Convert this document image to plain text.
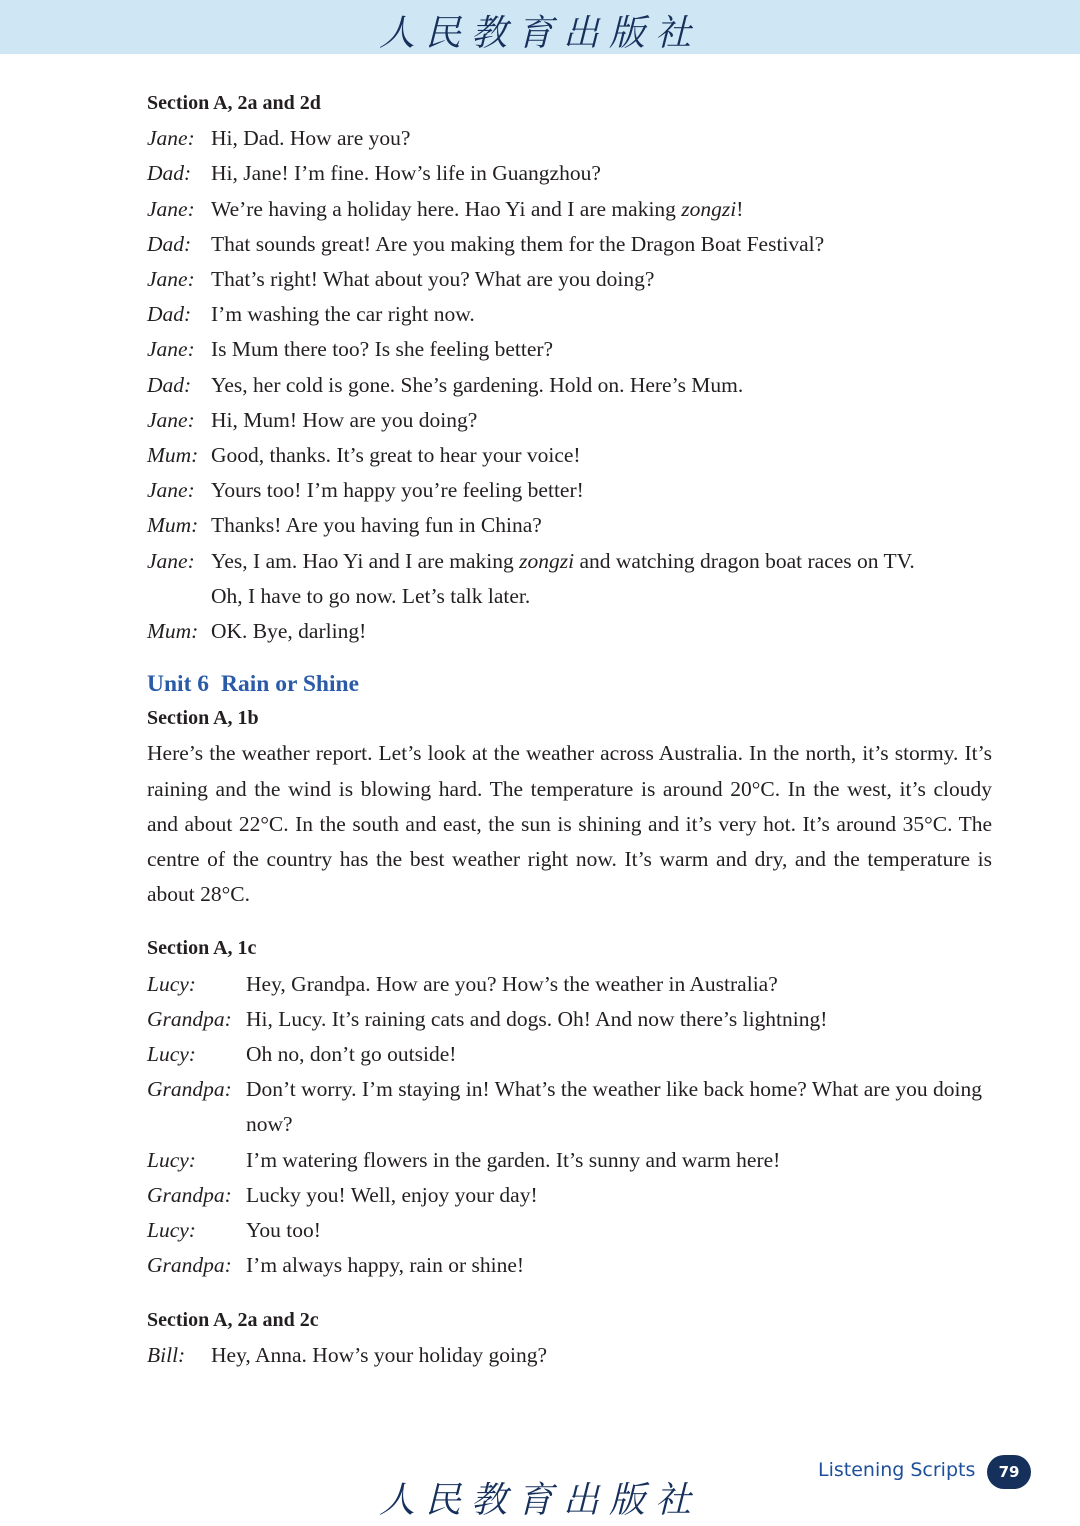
人民教育出版社

Section A, 2a and 2d

Jane: Hi, Dad. How are you?

Dad: Hi, Jane! I’m fine. How’s life in Guangzhou?

Jane: We’re having a holiday here. Hao Yi and I are making zongzi!

Dad: That sounds great! Are you making them for the Dragon Boat Festival?

Jane: That’s right! What about you? What are you doing?

Dad: I’m washing the car right now.

Jane: Is Mum there too? Is she feeling better?

Dad: Yes, her cold is gone. She’s gardening. Hold on. Here’s Mum.

Jane: Hi, Mum! How are you doing?

Mum: Good, thanks. It’s great to hear your voice!

Jane: Yours too! I’m happy you’re feeling better!

Mum: Thanks! Are you having fun in China?

Jane: Yes, I am. Hao Yi and I are making zongzi and watching dragon boat races on TV.

Oh, I have to go now. Let’s talk later.

Mum: OK. Bye, darling!

Unit 6 Rain or Shine

Section A, 1b

Here’s the weather report. Let’s look at the weather across Australia. In the north, it’s stormy. It’s raining and the wind is blowing hard. The temperature is around 20°C. In the west, it’s cloudy and about 22°C. In the south and east, the sun is shining and it’s very hot. It’s around 35°C. The centre of the country has the best weather right now. It’s warm and dry, and the temperature is about 28°C.

Section A, 1c

Lucy:	Hey, Grandpa. How are you? How’s the weather in Australia?

Grandpa: Hi, Lucy. It’s raining cats and dogs. Oh! And now there’s lightning!

Lucy:	Oh no, don’t go outside!

Grandpa: Don’t worry. I’m staying in! What’s the weather like back home? What are you doing now?

Lucy:	I’m watering flowers in the garden. It’s sunny and warm here!

Grandpa: Lucky you! Well, enjoy your day!

Lucy:	You too!

Grandpa: I’m always happy, rain or shine!

Section A, 2a and 2c

Bill:	Hey, Anna. How’s your holiday going?

Listening Scripts	79
人民教育出版社
